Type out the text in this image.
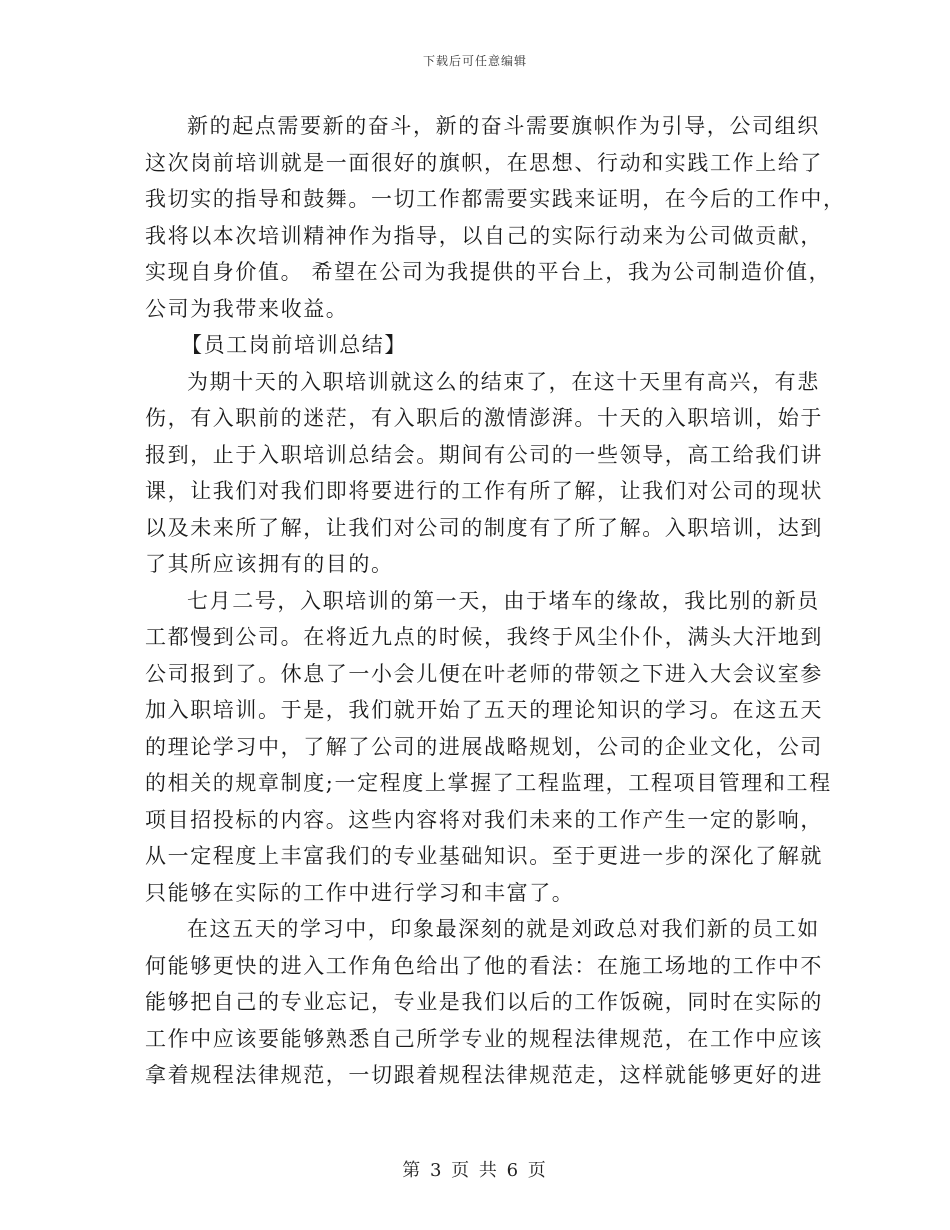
下载后可任意编辑
新的起点需要新的奋斗，新的奋斗需要旗帜作为引导，公司组织
这次岗前培训就是一面很好的旗帜，在思想、行动和实践工作上给了
我切实的指导和鼓舞。一切工作都需要实践来证明，在今后的工作中，
我将以本次培训精神作为指导，以自己的实际行动来为公司做贡献，
实现自身价值。 希望在公司为我提供的平台上，我为公司制造价值，
公司为我带来收益。
【员工岗前培训总结】
为期十天的入职培训就这么的结束了，在这十天里有高兴，有悲
伤，有入职前的迷茫，有入职后的激情澎湃。十天的入职培训，始于
报到，止于入职培训总结会。期间有公司的一些领导，高工给我们讲
课，让我们对我们即将要进行的工作有所了解，让我们对公司的现状
以及未来所了解，让我们对公司的制度有了所了解。入职培训，达到
了其所应该拥有的目的。
七月二号，入职培训的第一天，由于堵车的缘故，我比别的新员
工都慢到公司。在将近九点的时候，我终于风尘仆仆，满头大汗地到
公司报到了。休息了一小会儿便在叶老师的带领之下进入大会议室参
加入职培训。于是，我们就开始了五天的理论知识的学习。在这五天
的理论学习中，了解了公司的进展战略规划，公司的企业文化，公司
的相关的规章制度;一定程度上掌握了工程监理，工程项目管理和工程
项目招投标的内容。这些内容将对我们未来的工作产生一定的影响，
从一定程度上丰富我们的专业基础知识。至于更进一步的深化了解就
只能够在实际的工作中进行学习和丰富了。
在这五天的学习中，印象最深刻的就是刘政总对我们新的员工如
何能够更快的进入工作角色给出了他的看法：在施工场地的工作中不
能够把自己的专业忘记，专业是我们以后的工作饭碗，同时在实际的
工作中应该要能够熟悉自己所学专业的规程法律规范，在工作中应该
拿着规程法律规范，一切跟着规程法律规范走，这样就能够更好的进
第 3 页 共 6 页
